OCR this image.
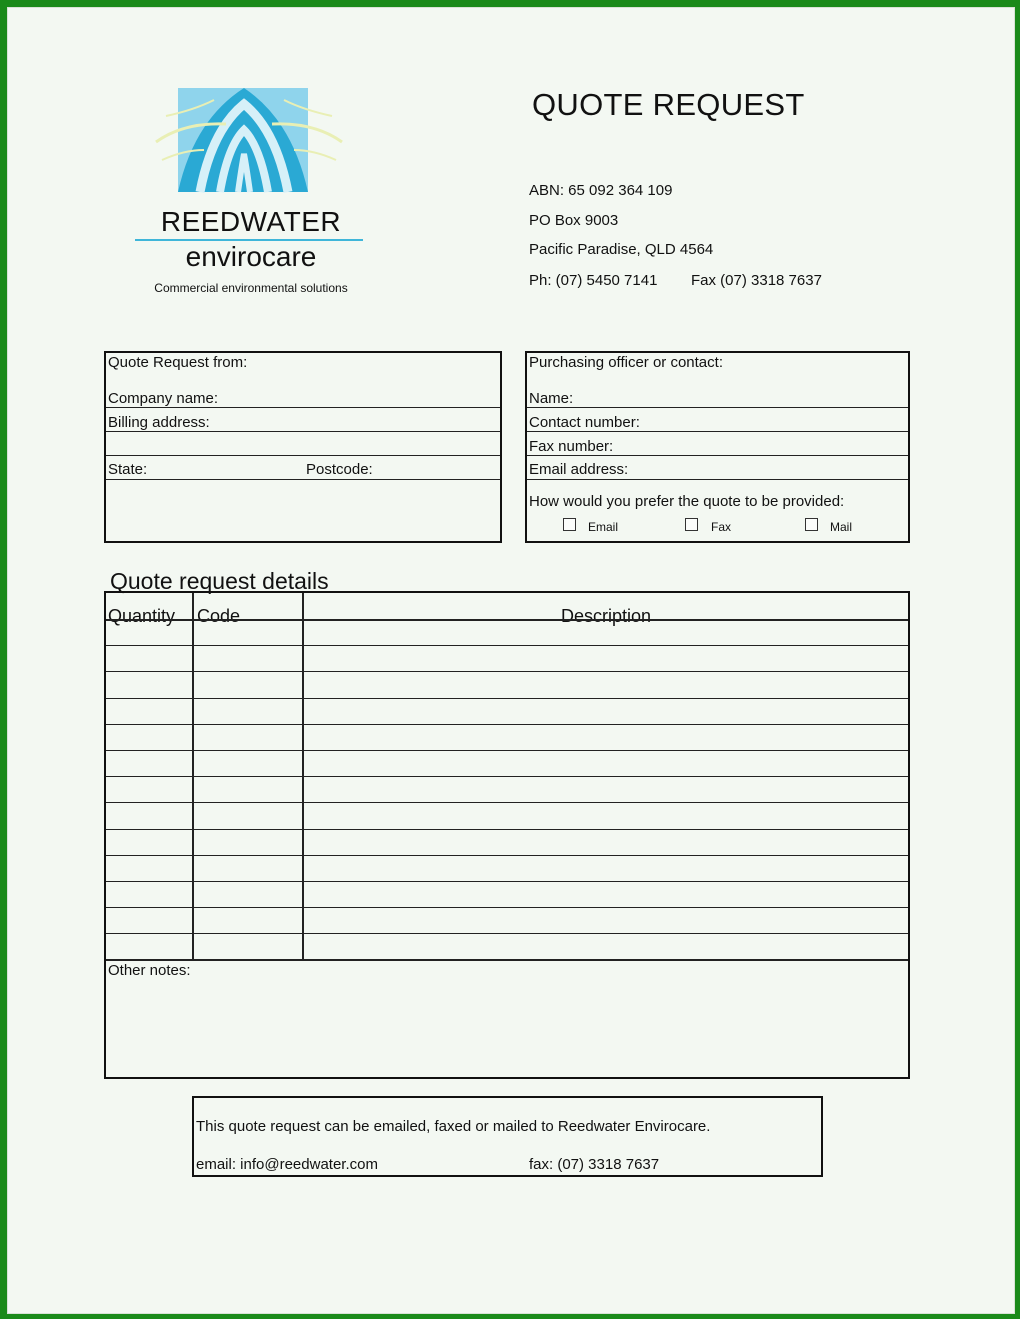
REEDWATER
envirocare
Commercial environmental solutions
QUOTE REQUEST
ABN: 65 092 364 109
PO Box 9003
Pacific Paradise, QLD 4564
Ph: (07) 5450 7141 Fax (07) 3318 7637
Quote Request from:
Company name:
Billing address:
State:	Postcode:
Purchasing officer or contact:
Name:
Contact number:
Fax number:
Email address:
How would you prefer the quote to be provided:
Email	Fax	Mail
Quote request details
Quantity Code	Description
Other notes:
This quote request can be emailed, faxed or mailed to Reedwater Envirocare.
email: info@reedwater.com	fax: (07) 3318 7637
